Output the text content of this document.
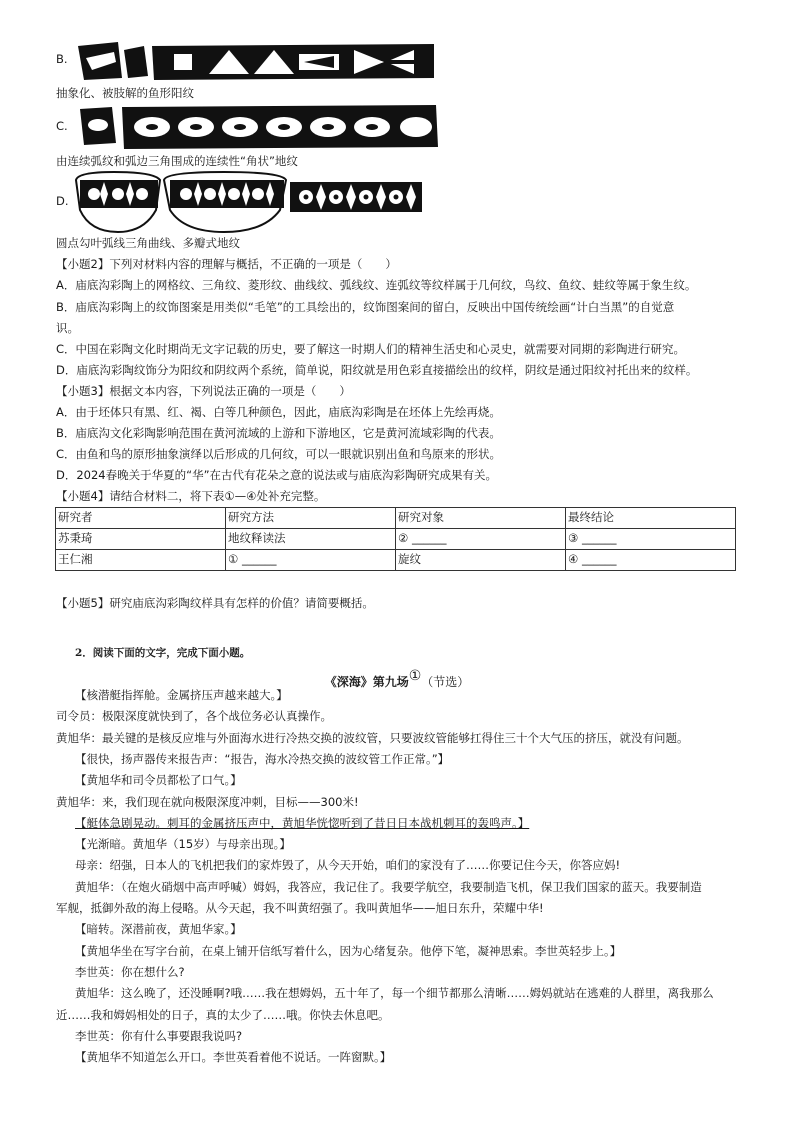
B.
抽象化、被肢解的鱼形阳纹
C.
由连续弧纹和弧边三角围成的连续性“角状”地纹
D.
圆点勾叶弧线三角曲线、多瓣式地纹
【小题2】下列对材料内容的理解与概括，不正确的一项是（　　）
A．庙底沟彩陶上的网格纹、三角纹、菱形纹、曲线纹、弧线纹、连弧纹等纹样属于几何纹，鸟纹、鱼纹、蛙纹等属于象生纹。
B．庙底沟彩陶上的纹饰图案是用类似“毛笔”的工具绘出的，纹饰图案间的留白，反映出中国传统绘画“计白当黑”的自觉意
识。
C．中国在彩陶文化时期尚无文字记载的历史，要了解这一时期人们的精神生活史和心灵史，就需要对同期的彩陶进行研究。
D．庙底沟彩陶纹饰分为阳纹和阴纹两个系统，简单说，阳纹就是用色彩直接描绘出的纹样，阴纹是通过阳纹衬托出来的纹样。
【小题3】根据文本内容，下列说法正确的一项是（　　）
A．由于坯体只有黑、红、褐、白等几种颜色，因此，庙底沟彩陶是在坯体上先绘再烧。
B．庙底沟文化彩陶影响范围在黄河流域的上游和下游地区，它是黄河流域彩陶的代表。
C．由鱼和鸟的原形抽象演绎以后形成的几何纹，可以一眼就识别出鱼和鸟原来的形状。
D．2024春晚关于华夏的“华”在古代有花朵之意的说法或与庙底沟彩陶研究成果有关。
【小题4】请结合材料二，将下表①—④处补充完整。
研究者	研究方法	研究对象	最终结论
苏秉琦	地纹释读法	② ______	③ ______
王仁湘	① ______	旋纹	④ ______
【小题5】研究庙底沟彩陶纹样具有怎样的价值？请简要概括。
2．阅读下面的文字，完成下面小题。
《深海》第九场①（节选）
【核潜艇指挥舱。金属挤压声越来越大。】
司令员：极限深度就快到了，各个战位务必认真操作。
黄旭华：最关键的是核反应堆与外面海水进行冷热交换的波纹管，只要波纹管能够扛得住三十个大气压的挤压，就没有问题。
【很快，扬声器传来报告声：“报告，海水冷热交换的波纹管工作正常。”】
【黄旭华和司令员都松了口气。】
黄旭华：来，我们现在就向极限深度冲刺，目标——300米!
【艇体急剧晃动。刺耳的金属挤压声中，黄旭华恍惚听到了昔日日本战机刺耳的轰鸣声。】
【光渐暗。黄旭华（15岁）与母亲出现。】
母亲：绍强，日本人的飞机把我们的家炸毁了，从今天开始，咱们的家没有了……你要记住今天，你答应妈!
黄旭华：（在炮火硝烟中高声呼喊）姆妈，我答应，我记住了。我要学航空，我要制造飞机，保卫我们国家的蓝天。我要制造
军舰，抵御外敌的海上侵略。从今天起，我不叫黄绍强了。我叫黄旭华——旭日东升，荣耀中华!
【暗转。深潜前夜，黄旭华家。】
【黄旭华坐在写字台前，在桌上铺开信纸写着什么，因为心绪复杂。他停下笔，凝神思索。李世英轻步上。】
李世英：你在想什么?
黄旭华：这么晚了，还没睡啊?哦……我在想姆妈，五十年了，每一个细节都那么清晰……姆妈就站在逃难的人群里，离我那么
近……我和姆妈相处的日子，真的太少了……哦。你快去休息吧。
李世英：你有什么事要跟我说吗?
【黄旭华不知道怎么开口。李世英看着他不说话。一阵窗默。】
